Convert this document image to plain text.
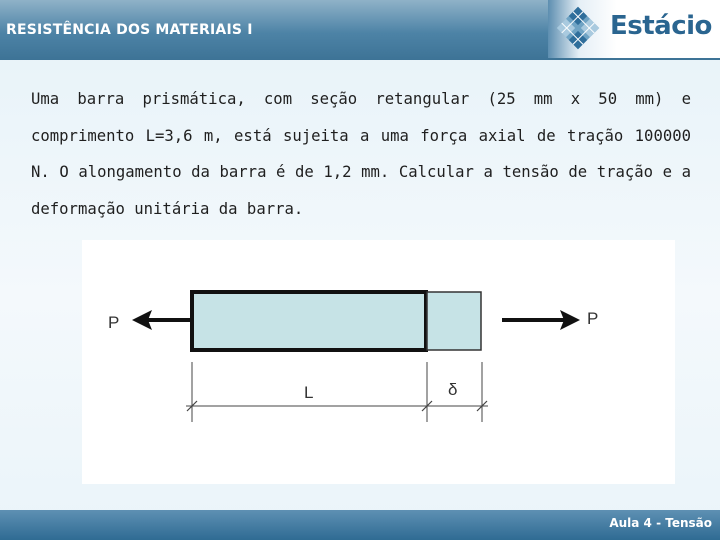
RESISTÊNCIA DOS MATERIAIS I	Estácio

Uma barra prismática, com seção retangular (25 mm x 50 mm) e comprimento L=3,6 m, está sujeita a uma força axial de tração 100000 N. O alongamento da barra é de 1,2 mm. Calcular a tensão de tração e a deformação unitária da barra.

P	P
L	δ
Aula 4 - Tensão
